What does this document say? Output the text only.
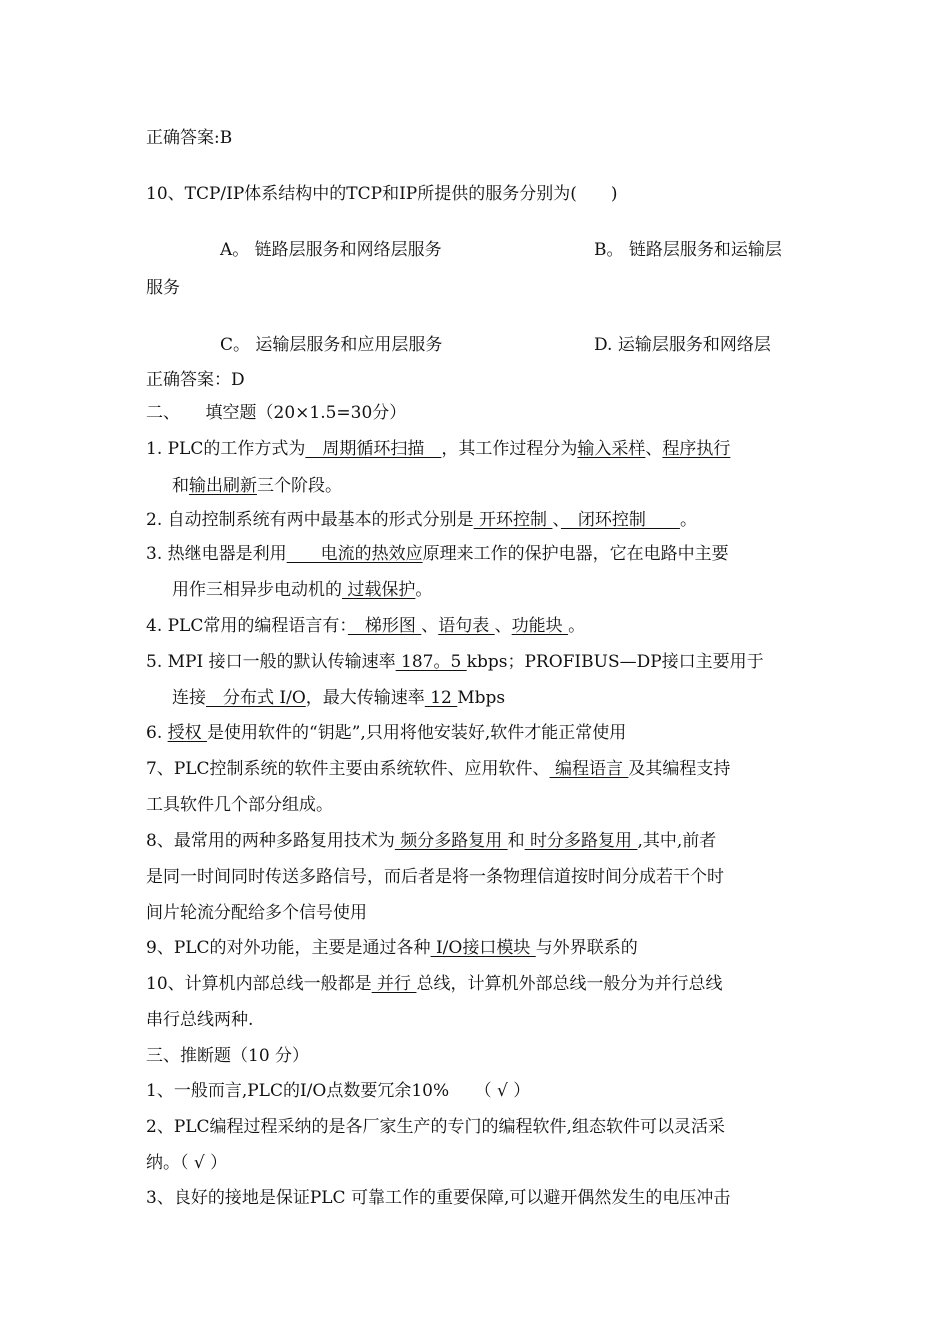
正确答案:B
10、TCP/IP体系结构中的TCP和IP所提供的服务分别为(　　)
A。 链路层服务和网络层服务	B。 链路层服务和运输层
服务
C。 运输层服务和应用层服务	D. 运输层服务和网络层
正确答案：D
二、　　填空题（20×1.5=30分）
1. PLC的工作方式为　周期循环扫描　，其工作过程分为输入采样、程序执行
和输出刷新三个阶段。
2. 自动控制系统有两中最基本的形式分别是 开环控制 、　闭环控制　　。
3. 热继电器是利用　　电流的热效应原理来工作的保护电器，它在电路中主要
用作三相异步电动机的 过载保护。
4. PLC常用的编程语言有：　梯形图 、语句表 、功能块 。
5. MPI 接口一般的默认传输速率 187。5 kbps；PROFIBUS—DP接口主要用于
连接　分布式 I/O，最大传输速率 12 Mbps
6. 授权 是使用软件的“钥匙”,只用将他安装好,软件才能正常使用
7、PLC控制系统的软件主要由系统软件、应用软件、 编程语言 及其编程支持
工具软件几个部分组成。
8、最常用的两种多路复用技术为 频分多路复用 和 时分多路复用 ,其中,前者
是同一时间同时传送多路信号，而后者是将一条物理信道按时间分成若干个时
间片轮流分配给多个信号使用
9、PLC的对外功能，主要是通过各种 I/O接口模块 与外界联系的
10、计算机内部总线一般都是 并行 总线，计算机外部总线一般分为并行总线
串行总线两种.
三、推断题（10 分）
1、一般而言,PLC的I/O点数要冗余10%　　（ √ ）
2、PLC编程过程采纳的是各厂家生产的专门的编程软件,组态软件可以灵活采
纳。（ √ ）
3、良好的接地是保证PLC 可靠工作的重要保障,可以避开偶然发生的电压冲击
